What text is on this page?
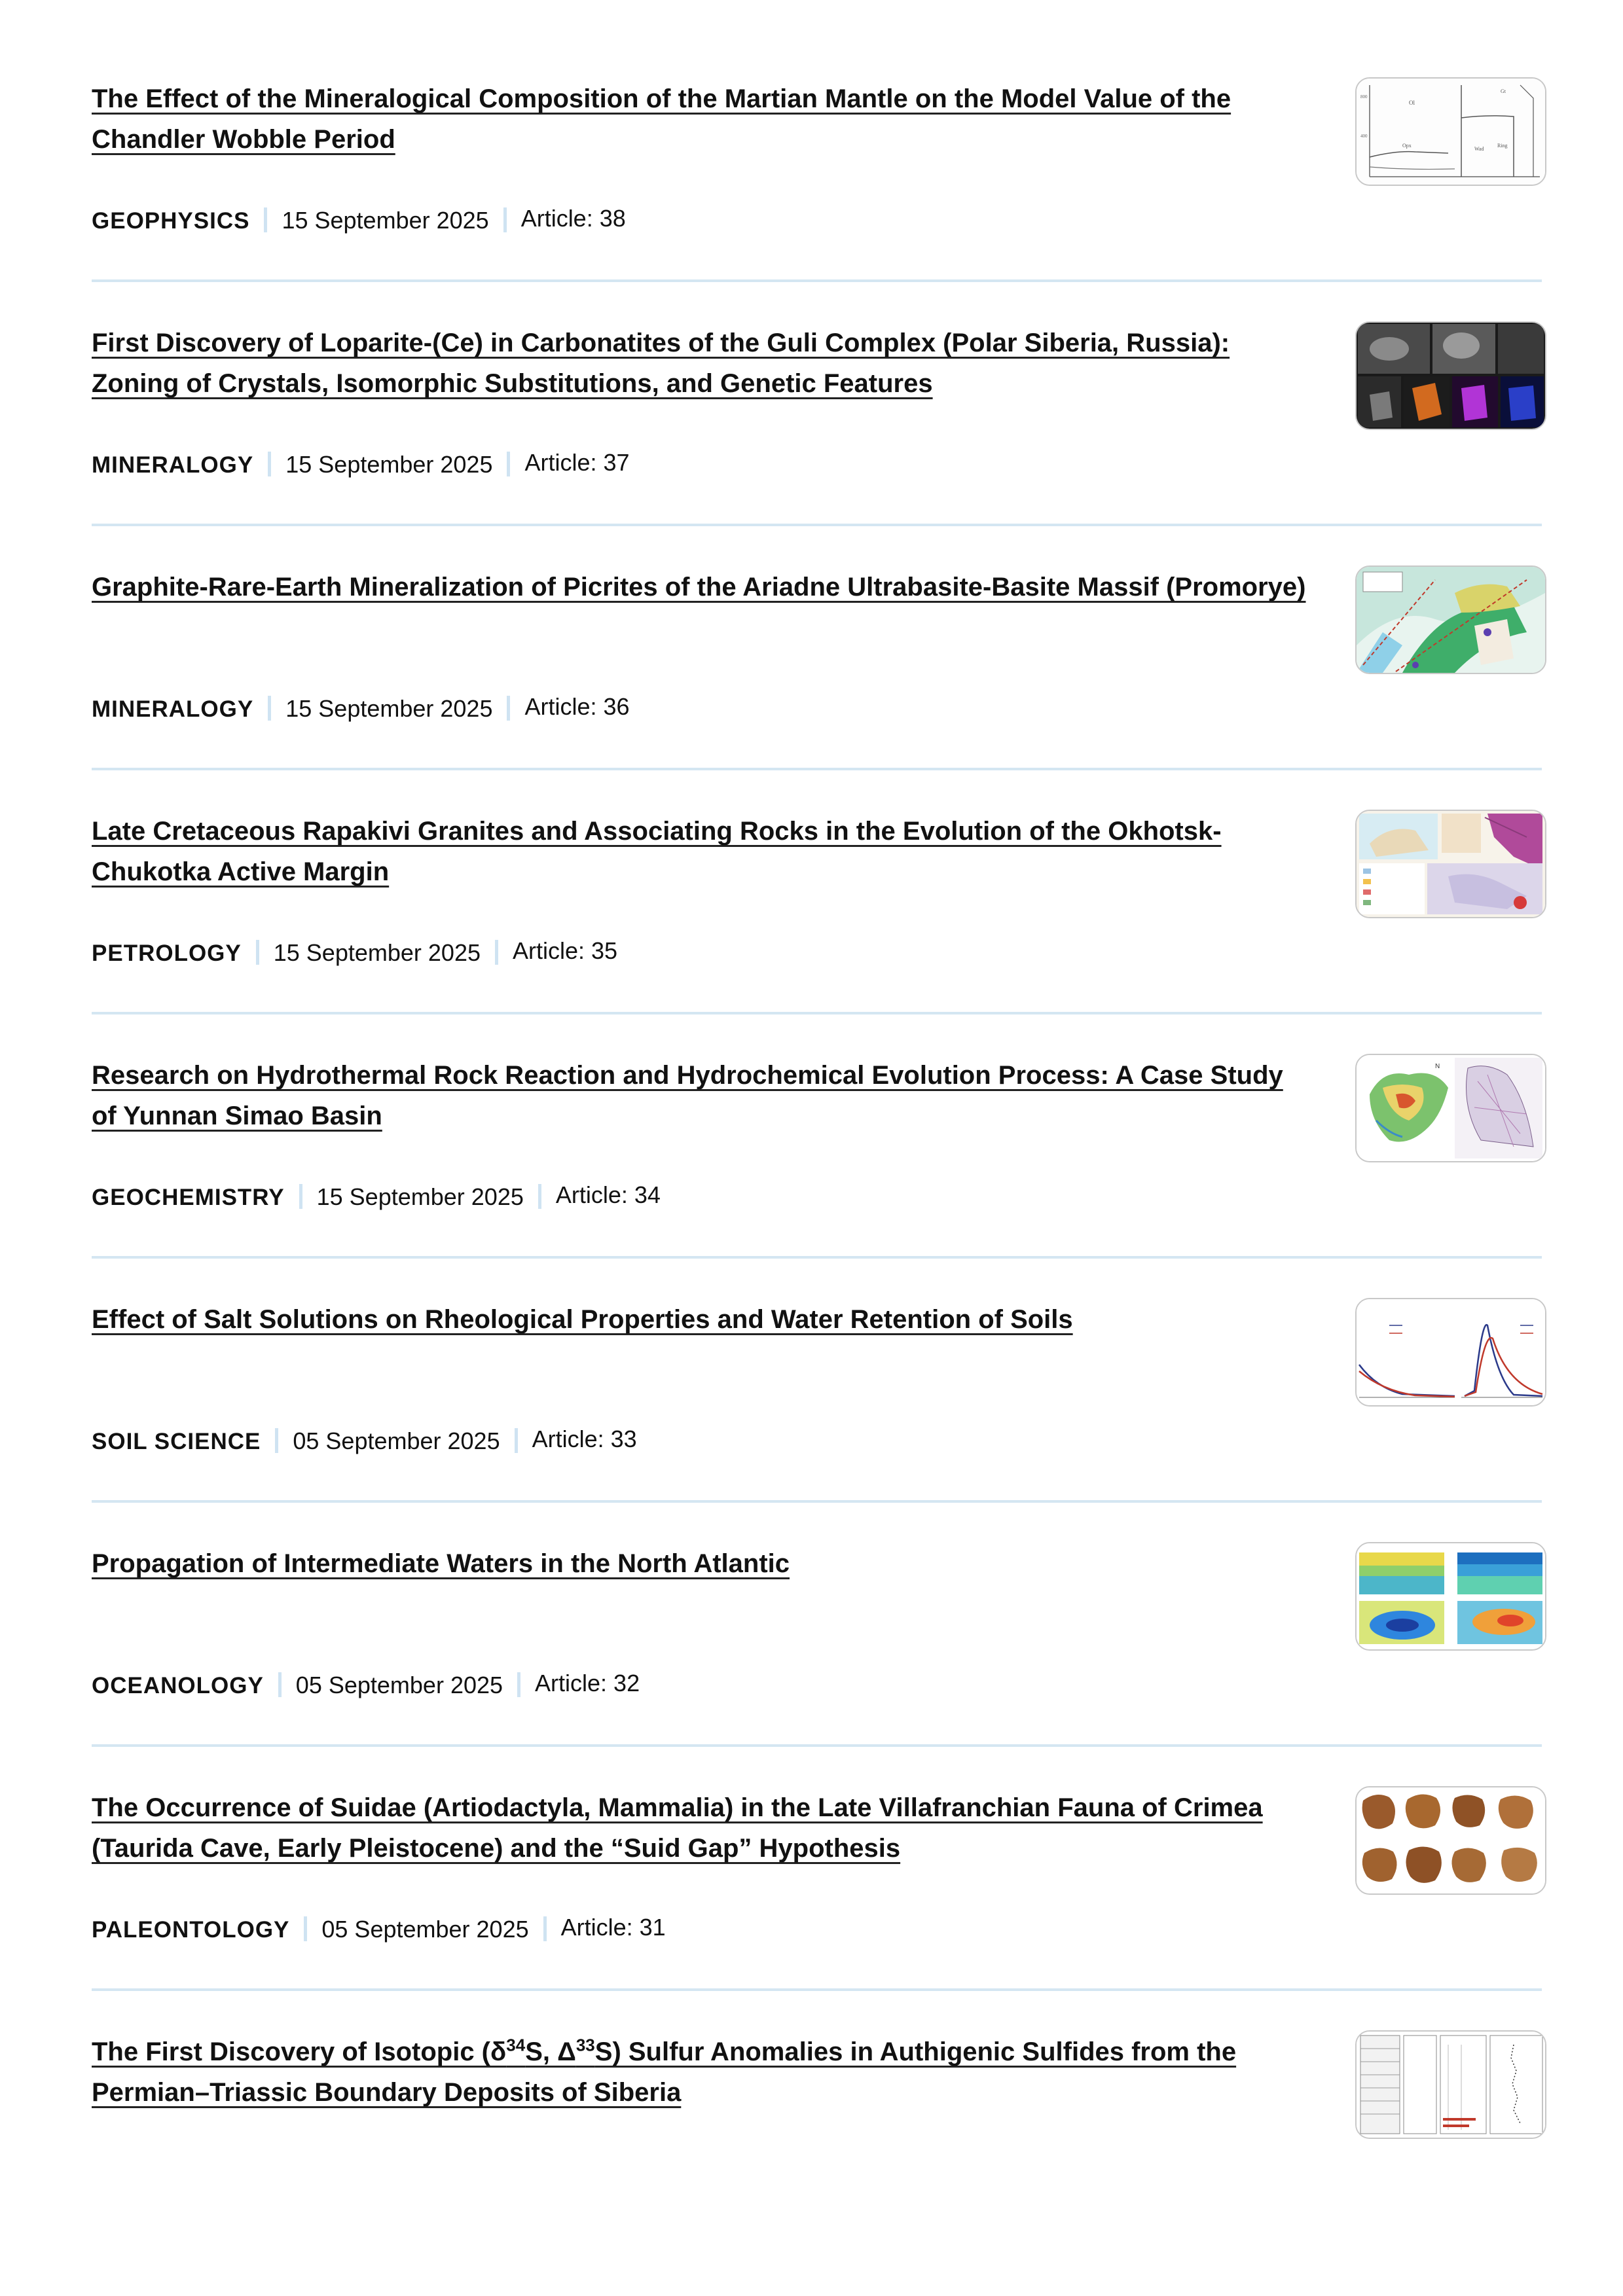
The Effect of the Mineralogical Composition of the Martian Mantle on the Model Value of the Chandler Wobble Period
GEOPHYSICS 15 September 2025 Article: 38
Ol
Gt
Opx
Wad
Ring
800
400
First Discovery of Loparite-(Ce) in Carbonatites of the Guli Complex (Polar Siberia, Russia): Zoning of Crystals, Isomorphic Substitutions, and Genetic Features
MINERALOGY 15 September 2025 Article: 37
Graphite-Rare-Earth Mineralization of Picrites of the Ariadne Ultrabasite-Basite Massif (Promorye)
MINERALOGY 15 September 2025 Article: 36
Late Cretaceous Rapakivi Granites and Associating Rocks in the Evolution of the Okhotsk-Chukotka Active Margin
PETROLOGY 15 September 2025 Article: 35
Research on Hydrothermal Rock Reaction and Hydrochemical Evolution Process: A Case Study of Yunnan Simao Basin
GEOCHEMISTRY 15 September 2025 Article: 34
N
Effect of Salt Solutions on Rheological Properties and Water Retention of Soils
SOIL SCIENCE 05 September 2025 Article: 33
Propagation of Intermediate Waters in the North Atlantic
OCEANOLOGY 05 September 2025 Article: 32
The Occurrence of Suidae (Artiodactyla, Mammalia) in the Late Villafranchian Fauna of Crimea (Taurida Cave, Early Pleistocene) and the “Suid Gap” Hypothesis
PALEONTOLOGY 05 September 2025 Article: 31
The First Discovery of Isotopic ($\delta^{34}S$, $\Delta^{33}S$) Sulfur Anomalies in Authigenic Sulfides from the Permian–Triassic Boundary Deposits of Siberia
